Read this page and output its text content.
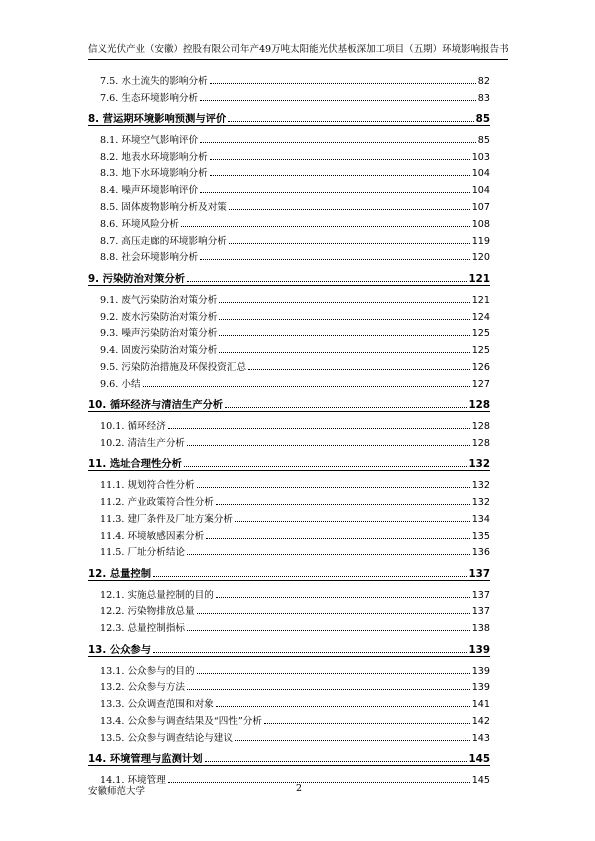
信义光伏产业（安徽）控股有限公司年产49万吨太阳能光伏基板深加工项目（五期）环境影响报告书
7.5. 水土流失的影响分析	82
7.6. 生态环境影响分析	83
8. 营运期环境影响预测与评价	85
8.1. 环境空气影响评价	85
8.2. 地表水环境影响分析	103
8.3. 地下水环境影响分析	104
8.4. 噪声环境影响评价	104
8.5. 固体废物影响分析及对策	107
8.6. 环境风险分析	108
8.7. 高压走廊的环境影响分析	119
8.8. 社会环境影响分析	120
9. 污染防治对策分析	121
9.1. 废气污染防治对策分析	121
9.2. 废水污染防治对策分析	124
9.3. 噪声污染防治对策分析	125
9.4. 固废污染防治对策分析	125
9.5. 污染防治措施及环保投资汇总	126
9.6. 小结	127
10. 循环经济与清洁生产分析	128
10.1. 循环经济	128
10.2. 清洁生产分析	128
11. 选址合理性分析	132
11.1. 规划符合性分析	132
11.2. 产业政策符合性分析	132
11.3. 建厂条件及厂址方案分析	134
11.4. 环境敏感因素分析	135
11.5. 厂址分析结论	136
12. 总量控制	137
12.1. 实施总量控制的目的	137
12.2. 污染物排放总量	137
12.3. 总量控制指标	138
13. 公众参与	139
13.1. 公众参与的目的	139
13.2. 公众参与方法	139
13.3. 公众调查范围和对象	141
13.4. 公众参与调查结果及“四性”分析	142
13.5. 公众参与调查结论与建议	143
14. 环境管理与监测计划	145
14.1. 环境管理	145
安徽师范大学	2
